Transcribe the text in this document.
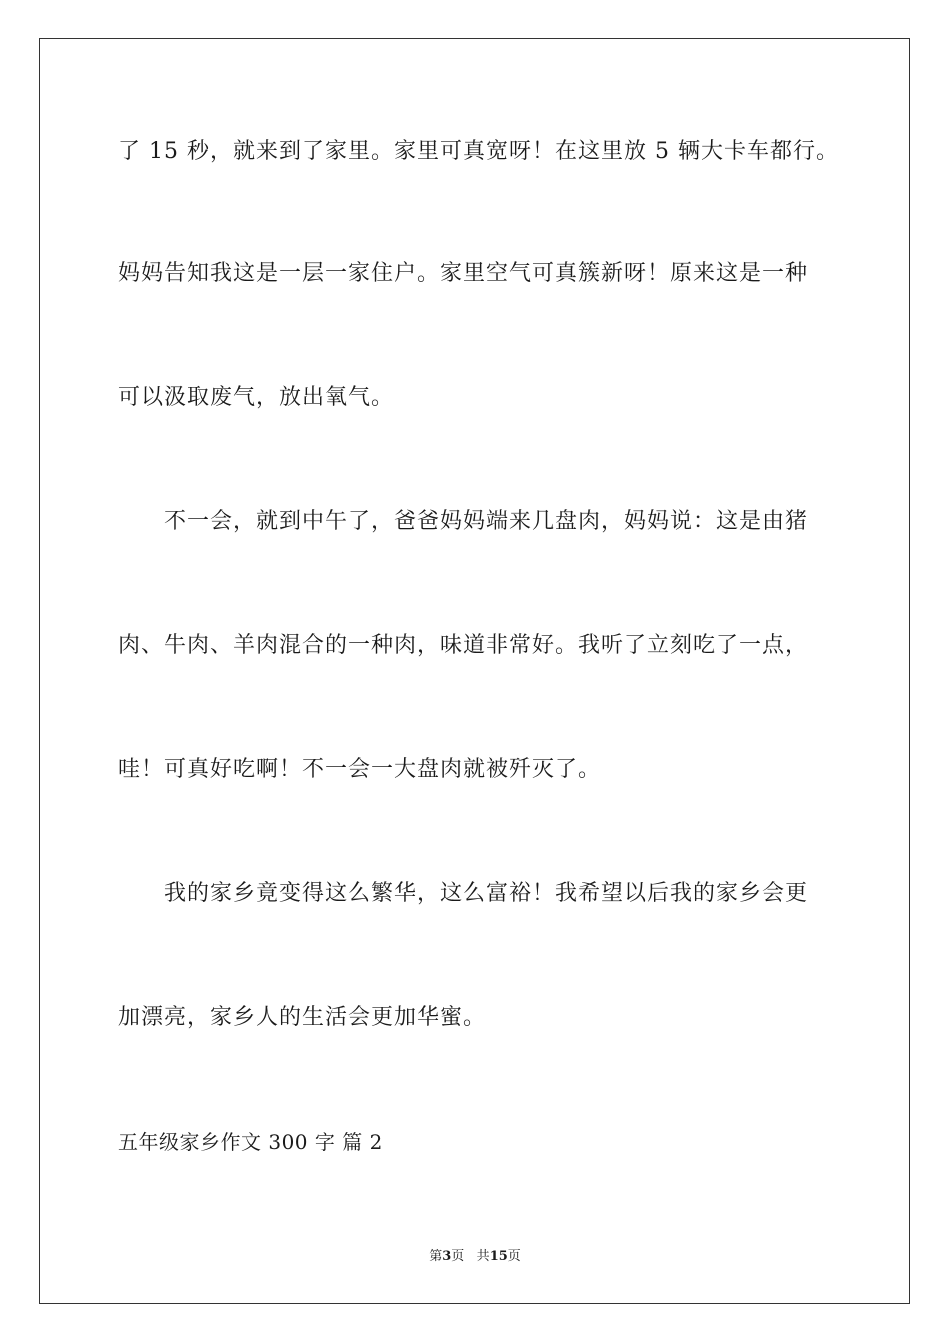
了 15 秒，就来到了家里。家里可真宽呀！在这里放 5 辆大卡车都行。
妈妈告知我这是一层一家住户。家里空气可真簇新呀！原来这是一种
可以汲取废气，放出氧气。
不一会，就到中午了，爸爸妈妈端来几盘肉，妈妈说：这是由猪
肉、牛肉、羊肉混合的一种肉，味道非常好。我听了立刻吃了一点，
哇！可真好吃啊！不一会一大盘肉就被歼灭了。
我的家乡竟变得这么繁华，这么富裕！我希望以后我的家乡会更
加漂亮，家乡人的生活会更加华蜜。
五年级家乡作文 300 字 篇 2
第3页 共15页
